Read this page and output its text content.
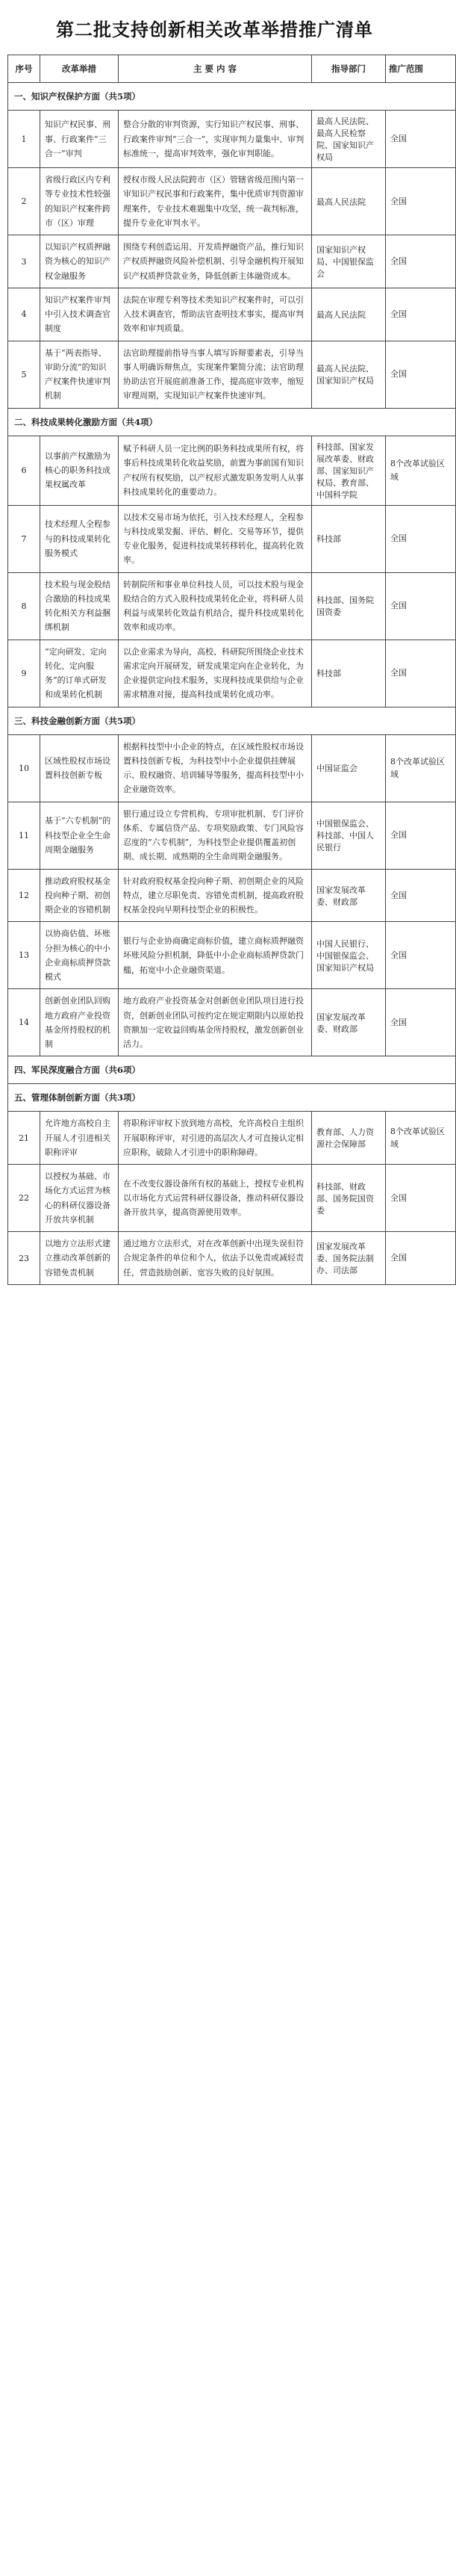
第二批支持创新相关改革举措推广清单
序号	改革举措	主 要 内 容	指导部门	推广范围
一、知识产权保护方面（共5项）				
1	知识产权民事、刑事、行政案件“三合一”审判	整合分散的审判资源，实行知识产权民事、刑事、行政案件审判“三合一”，实现审判力量集中、审判标准统一，提高审判效率，强化审判职能。	最高人民法院、最高人民检察院、国家知识产权局	全国
2	省级行政区内专利等专业技术性较强的知识产权案件跨市（区）审理	授权市级人民法院跨市（区）管辖省级范围内第一审知识产权民事和行政案件，集中优质审判资源审理案件，专业技术难题集中攻坚，统一裁判标准，提升专业化审判水平。	最高人民法院	全国
3	以知识产权质押融资为核心的知识产权金融服务	围绕专利创造运用、开发质押融资产品，推行知识产权质押融资风险补偿机制、引导金融机构开展知识产权质押贷款业务，降低创新主体融资成本。	国家知识产权局、中国银保监会	全国
4	知识产权案件审判中引入技术调查官制度	法院在审理专利等技术类知识产权案件时，可以引入技术调查官，帮助法官查明技术事实，提高审判效率和审判质量。	最高人民法院	全国
5	基于“两表指导、审助分流”的知识产权案件快速审判机制	法官助理提前指导当事人填写诉辩要素表，引导当事人明确诉辩焦点，实现案件繁简分流；法官助理协助法官开展庭前准备工作，提高庭审效率，缩短审理周期，实现知识产权案件快速审判。	最高人民法院、国家知识产权局	全国
二、科技成果转化激励方面（共4项）				
6	以事前产权激励为核心的职务科技成果权属改革	赋予科研人员一定比例的职务科技成果所有权，将事后科技成果转化收益奖励，前置为事前国有知识产权所有权奖励，以产权形式激发职务发明人从事科技成果转化的重要动力。	科技部、国家发展改革委、财政部、国家知识产权局、教育部、中国科学院	8个改革试验区域
7	技术经理人全程参与的科技成果转化服务模式	以技术交易市场为依托，引入技术经理人，全程参与科技成果发掘、评估、孵化、交易等环节，提供专业化服务，促进科技成果转移转化，提高转化效率。	科技部	全国
8	技术股与现金股结合激励的科技成果转化相关方利益捆绑机制	转制院所和事业单位科技人员，可以技术股与现金股结合的方式入股科技成果转化企业，将科研人员利益与成果转化效益有机结合，提升科技成果转化效率和成功率。	科技部、国务院国资委	全国
9	“定向研发、定向转化、定向服务”的订单式研发和成果转化机制	以企业需求为导向，高校、科研院所围绕企业技术需求定向开展研发，研发成果定向在企业转化，为企业提供定向技术服务，实现科技成果供给与企业需求精准对接，提高科技成果转化成功率。	科技部	全国
三、科技金融创新方面（共5项）				
10	区域性股权市场设置科技创新专板	根据科技型中小企业的特点，在区域性股权市场设置科技创新专板，为科技型中小企业提供挂牌展示、股权融资、培训辅导等服务，提高科技型中小企业融资效率。	中国证监会	8个改革试验区域
11	基于“六专机制”的科技型企业全生命周期金融服务	银行通过设立专营机构、专项审批机制、专门评价体系、专属信贷产品、专项奖励政策、专门风险容忍度的“六专机制”，为科技型企业提供覆盖初创期、成长期、成熟期的全生命周期金融服务。	中国银保监会、科技部、中国人民银行	全国
12	推动政府股权基金投向种子期、初创期企业的容错机制	针对政府股权基金投向种子期、初创期企业的风险特点，建立尽职免责、容错免责机制，提高政府股权基金投向早期科技型企业的积极性。	国家发展改革委、财政部	全国
13	以协商估值、坏账分担为核心的中小企业商标质押贷款模式	银行与企业协商确定商标价值，建立商标质押融资坏账风险分担机制，降低中小企业商标质押贷款门槛，拓宽中小企业融资渠道。	中国人民银行、中国银保监会、国家知识产权局	全国
14	创新创业团队回购地方政府产业投资基金所持股权的机制	地方政府产业投资基金对创新创业团队项目进行投资，创新创业团队可按约定在规定期限内以原始投资额加一定收益回购基金所持股权，激发创新创业活力。	国家发展改革委、财政部	全国
四、军民深度融合方面（共6项）				
五、管理体制创新方面（共3项）				
21	允许地方高校自主开展人才引进相关职称评审	将职称评审权下放到地方高校，允许高校自主组织开展职称评审，对引进的高层次人才可直接认定相应职称，破除人才引进中的职称障碍。	教育部、人力资源社会保障部	8个改革试验区域
22	以授权为基础、市场化方式运营为核心的科研仪器设备开放共享机制	在不改变仪器设备所有权的基础上，授权专业机构以市场化方式运营科研仪器设备，推动科研仪器设备开放共享，提高资源使用效率。	科技部、财政部、国务院国资委	全国
23	以地方立法形式建立推动改革创新的容错免责机制	通过地方立法形式，对在改革创新中出现失误但符合规定条件的单位和个人，依法予以免责或减轻责任，营造鼓励创新、宽容失败的良好氛围。	国家发展改革委、国务院法制办、司法部	全国
